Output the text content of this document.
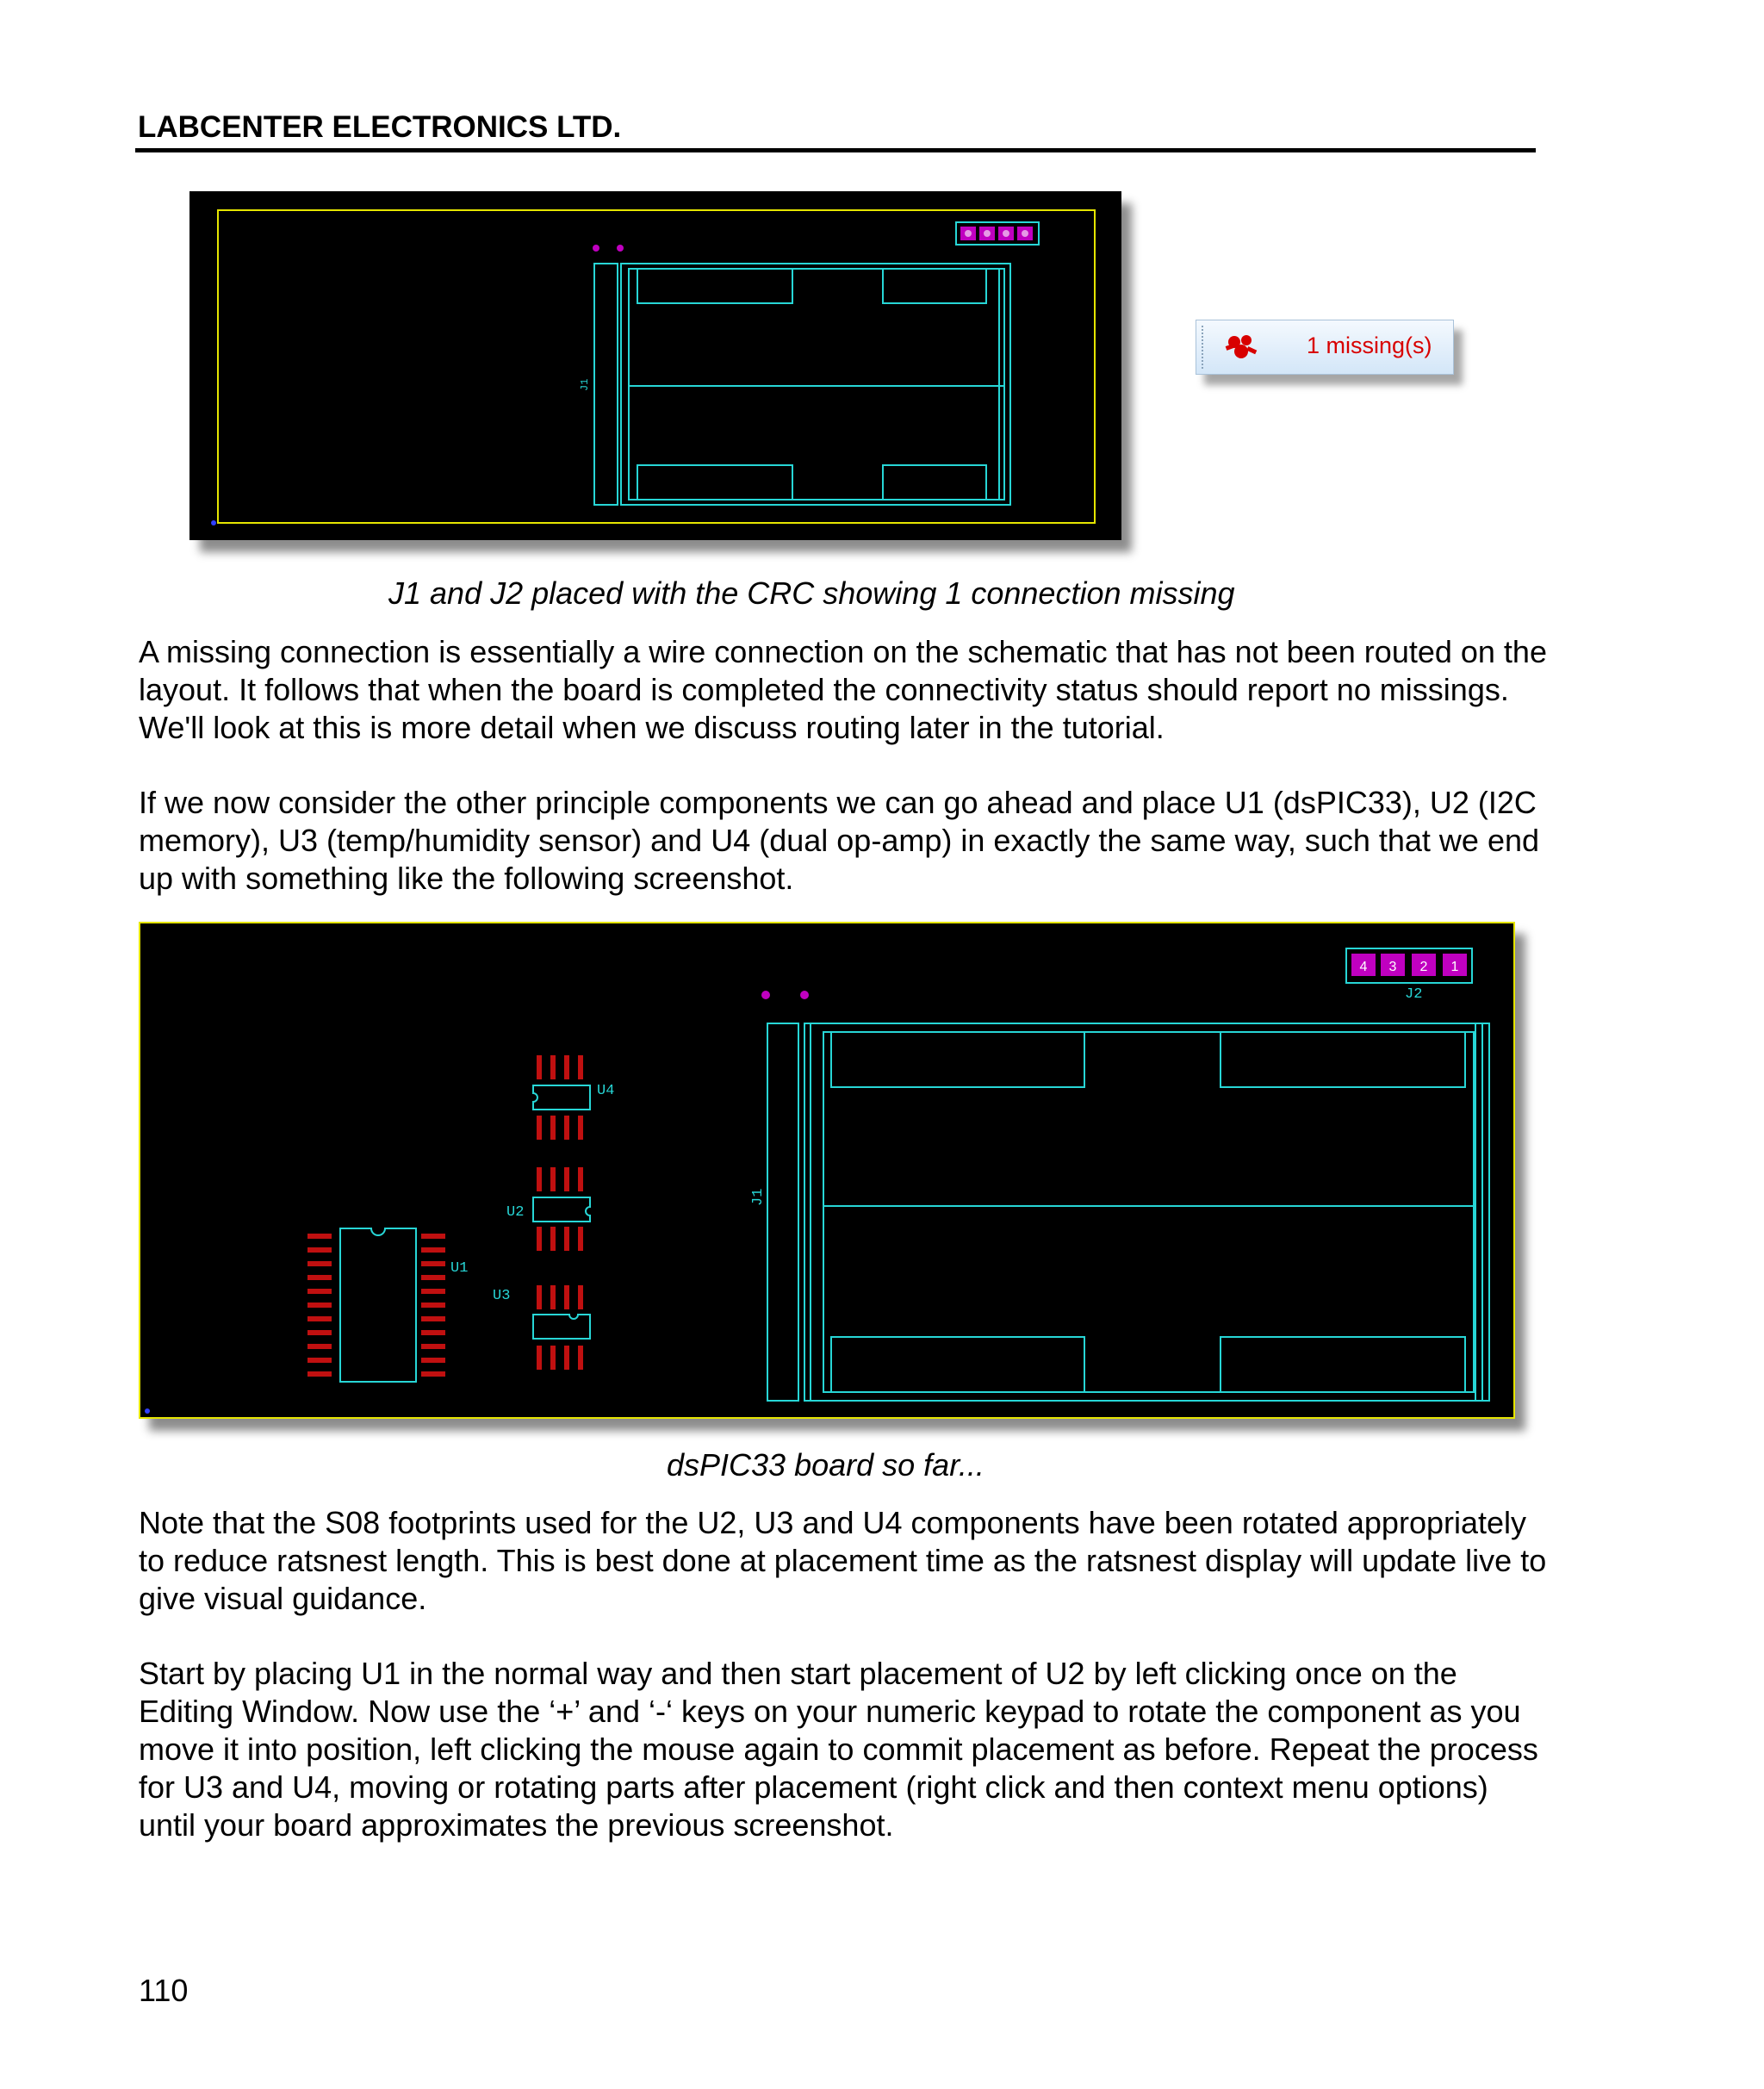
LABCENTER ELECTRONICS LTD.
J1
1 missing(s)
J1 and J2 placed with the CRC showing 1 connection missing

A missing connection is essentially a wire connection on the schematic that has not been routed on the layout. It follows that when the board is completed the connectivity status should report no missings. We'll look at this is more detail when we discuss routing later in the tutorial.

If we now consider the other principle components we can go ahead and place U1 (dsPIC33), U2 (I2C memory), U3 (temp/humidity sensor) and U4 (dual op-amp) in exactly the same way, such that we end up with something like the following screenshot.

4 3 2 1
J2
J1
U4
U2
U3
U1
dsPIC33 board so far...

Note that the S08 footprints used for the U2, U3 and U4 components have been rotated appropriately to reduce ratsnest length. This is best done at placement time as the ratsnest display will update live to give visual guidance.

Start by placing U1 in the normal way and then start placement of U2 by left clicking once on the Editing Window. Now use the ‘+’ and ‘-‘ keys on your numeric keypad to rotate the component as you move it into position, left clicking the mouse again to commit placement as before. Repeat the process for U3 and U4, moving or rotating parts after placement (right click and then context menu options) until your board approximates the previous screenshot.

110
